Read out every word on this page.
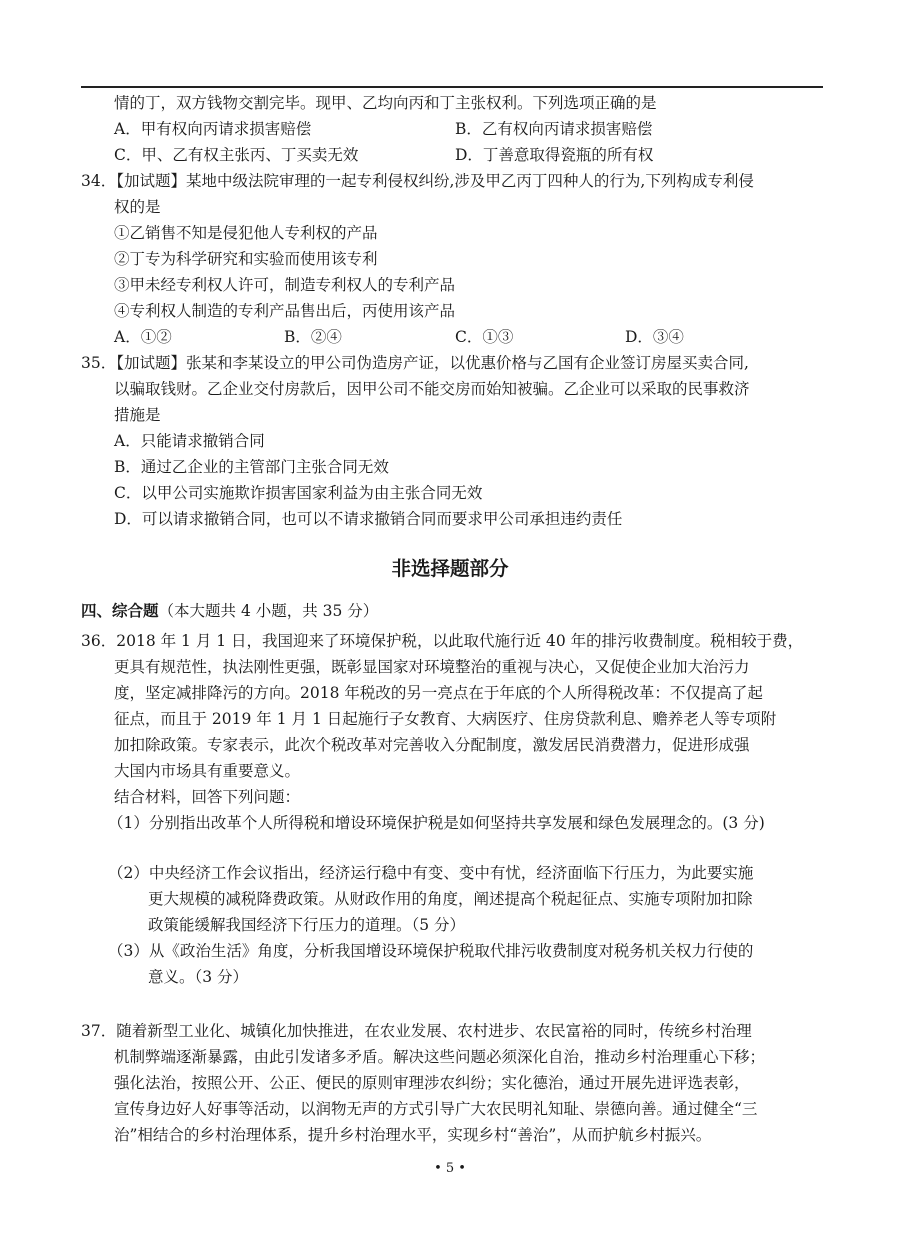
情的丁，双方钱物交割完毕。现甲、乙均向丙和丁主张权利。下列选项正确的是
A．甲有权向丙请求损害赔偿	B．乙有权向丙请求损害赔偿
C．甲、乙有权主张丙、丁买卖无效	D．丁善意取得瓷瓶的所有权
34．【加试题】某地中级法院审理的一起专利侵权纠纷,涉及甲乙丙丁四种人的行为,下列构成专利侵
权的是
①乙销售不知是侵犯他人专利权的产品
②丁专为科学研究和实验而使用该专利
③甲未经专利权人许可，制造专利权人的专利产品
④专利权人制造的专利产品售出后，丙使用该产品
A．①②	B．②④	C．①③	D．③④
35．【加试题】张某和李某设立的甲公司伪造房产证，以优惠价格与乙国有企业签订房屋买卖合同,
以骗取钱财。乙企业交付房款后，因甲公司不能交房而始知被骗。乙企业可以采取的民事救济
措施是
A．只能请求撤销合同
B．通过乙企业的主管部门主张合同无效
C．以甲公司实施欺诈损害国家利益为由主张合同无效
D．可以请求撤销合同，也可以不请求撤销合同而要求甲公司承担违约责任
非选择题部分
四、综合题（本大题共 4 小题，共 35 分）
36．2018 年 1 月 1 日，我国迎来了环境保护税，以此取代施行近 40 年的排污收费制度。税相较于费，
更具有规范性，执法刚性更强，既彰显国家对环境整治的重视与决心，又促使企业加大治污力
度，坚定减排降污的方向。2018 年税改的另一亮点在于年底的个人所得税改革：不仅提高了起
征点，而且于 2019 年 1 月 1 日起施行子女教育、大病医疗、住房贷款利息、赡养老人等专项附
加扣除政策。专家表示，此次个税改革对完善收入分配制度，激发居民消费潜力，促进形成强
大国内市场具有重要意义。
结合材料，回答下列问题：
（1）分别指出改革个人所得税和增设环境保护税是如何坚持共享发展和绿色发展理念的。(3 分)
（2）中央经济工作会议指出，经济运行稳中有变、变中有忧，经济面临下行压力，为此要实施
更大规模的减税降费政策。从财政作用的角度，阐述提高个税起征点、实施专项附加扣除
政策能缓解我国经济下行压力的道理。（5 分）
（3）从《政治生活》角度，分析我国增设环境保护税取代排污收费制度对税务机关权力行使的
意义。（3 分）
37．随着新型工业化、城镇化加快推进，在农业发展、农村进步、农民富裕的同时，传统乡村治理
机制弊端逐渐暴露，由此引发诸多矛盾。解决这些问题必须深化自治，推动乡村治理重心下移；
强化法治，按照公开、公正、便民的原则审理涉农纠纷；实化德治，通过开展先进评选表彰，
宣传身边好人好事等活动，以润物无声的方式引导广大农民明礼知耻、崇德向善。通过健全“三
治”相结合的乡村治理体系，提升乡村治理水平，实现乡村“善治”，从而护航乡村振兴。
• 5 •
